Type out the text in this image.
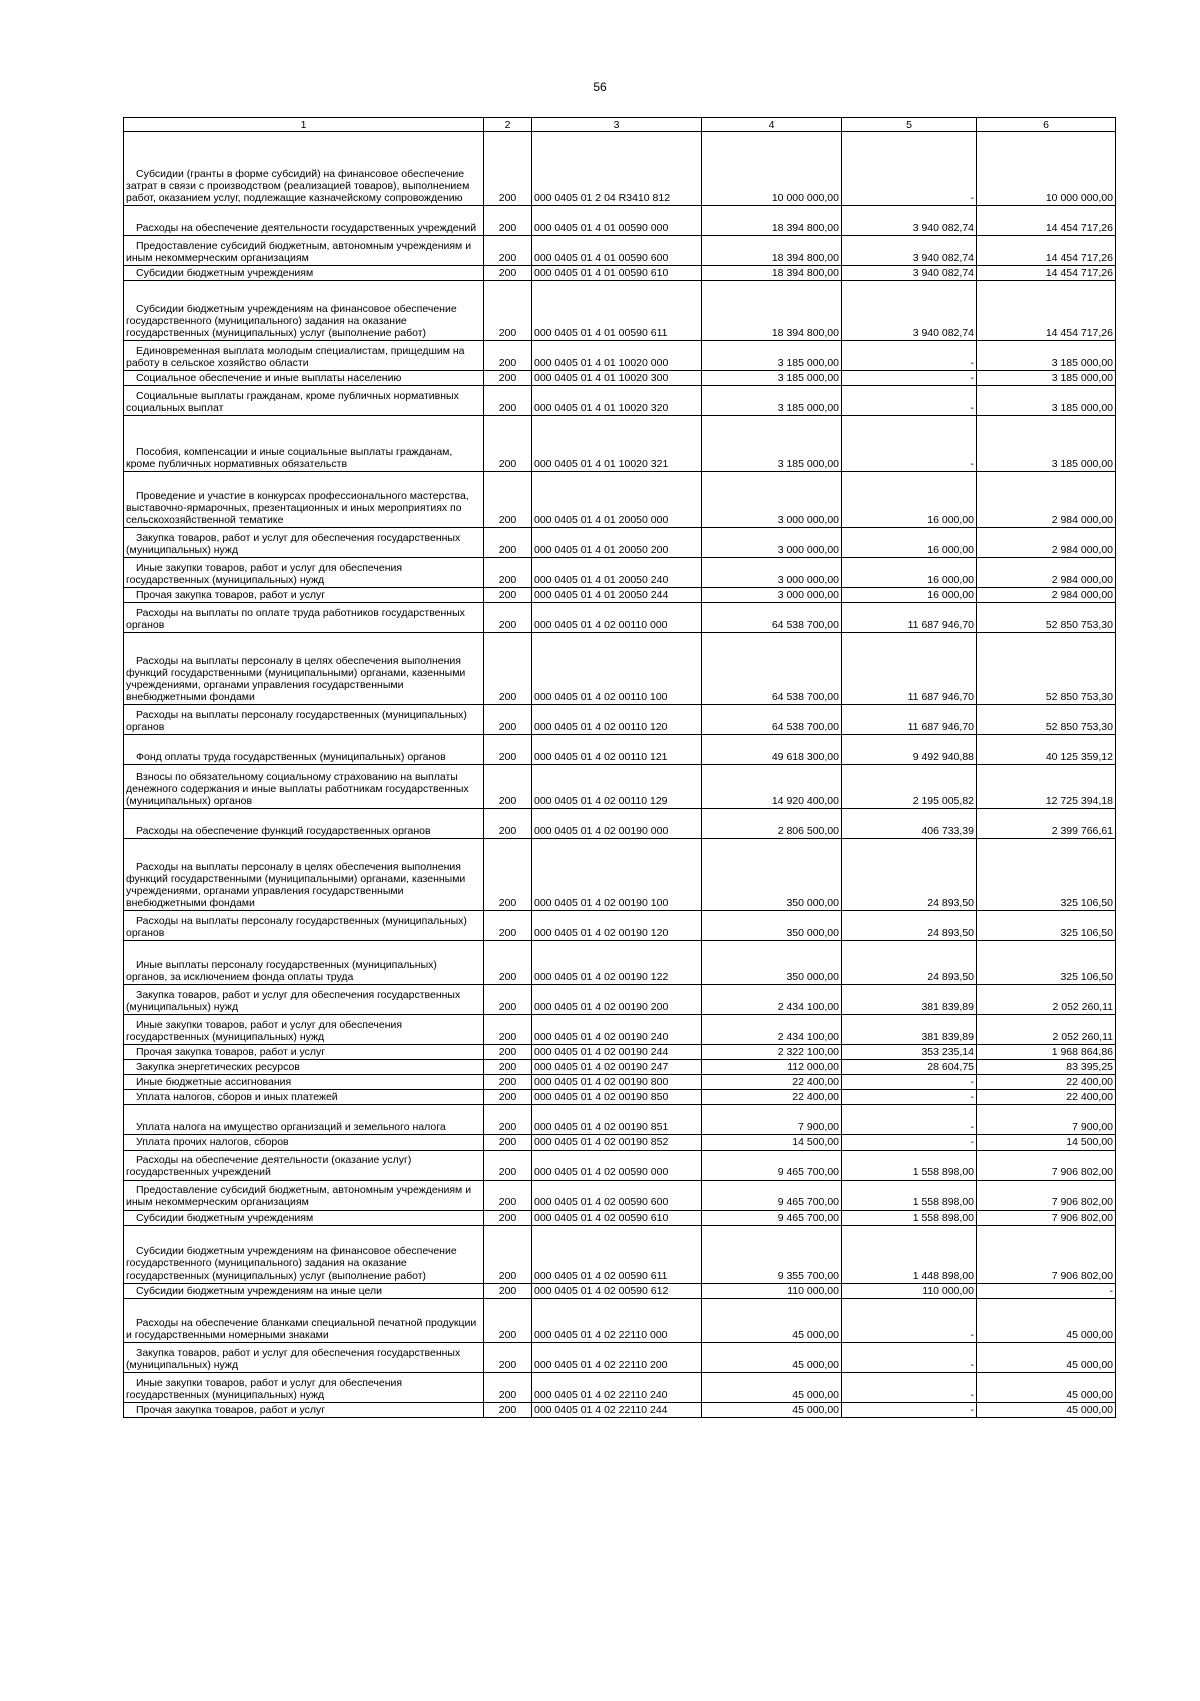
56
1	2	3	4	5	6
Субсидии (гранты в форме субсидий) на финансовое обеспечение затрат в связи с производством (реализацией товаров), выполнением работ, оказанием услуг, подлежащие казначейскому сопровождению	200	000 0405 01 2 04 R3410 812	10 000 000,00	-	10 000 000,00
Расходы на обеспечение деятельности государственных учреждений	200	000 0405 01 4 01 00590 000	18 394 800,00	3 940 082,74	14 454 717,26
Предоставление субсидий бюджетным, автономным учреждениям и иным некоммерческим организациям	200	000 0405 01 4 01 00590 600	18 394 800,00	3 940 082,74	14 454 717,26
Субсидии бюджетным учреждениям	200	000 0405 01 4 01 00590 610	18 394 800,00	3 940 082,74	14 454 717,26
Субсидии бюджетным учреждениям на финансовое обеспечение государственного (муниципального) задания на оказание государственных (муниципальных) услуг (выполнение работ)	200	000 0405 01 4 01 00590 611	18 394 800,00	3 940 082,74	14 454 717,26
Единовременная выплата молодым специалистам, прищедшим на работу в сельское хозяйство области	200	000 0405 01 4 01 10020 000	3 185 000,00	-	3 185 000,00
Социальное обеспечение и иные выплаты населению	200	000 0405 01 4 01 10020 300	3 185 000,00	-	3 185 000,00
Социальные выплаты гражданам, кроме публичных нормативных социальных выплат	200	000 0405 01 4 01 10020 320	3 185 000,00	-	3 185 000,00
Пособия, компенсации и иные социальные выплаты гражданам, кроме публичных нормативных обязательств	200	000 0405 01 4 01 10020 321	3 185 000,00	-	3 185 000,00
Проведение и участие в конкурсах профессионального мастерства, выставочно-ярмарочных, презентационных и иных мероприятиях по сельскохозяйственной тематике	200	000 0405 01 4 01 20050 000	3 000 000,00	16 000,00	2 984 000,00
Закупка товаров, работ и услуг для обеспечения государственных (муниципальных) нужд	200	000 0405 01 4 01 20050 200	3 000 000,00	16 000,00	2 984 000,00
Иные закупки товаров, работ и услуг для обеспечения государственных (муниципальных) нужд	200	000 0405 01 4 01 20050 240	3 000 000,00	16 000,00	2 984 000,00
Прочая закупка товаров, работ и услуг	200	000 0405 01 4 01 20050 244	3 000 000,00	16 000,00	2 984 000,00
Расходы на выплаты по оплате труда работников государственных органов	200	000 0405 01 4 02 00110 000	64 538 700,00	11 687 946,70	52 850 753,30
Расходы на выплаты персоналу в целях обеспечения выполнения функций государственными (муниципальными) органами, казенными учреждениями, органами управления государственными внебюджетными фондами	200	000 0405 01 4 02 00110 100	64 538 700,00	11 687 946,70	52 850 753,30
Расходы на выплаты персоналу государственных (муниципальных) органов	200	000 0405 01 4 02 00110 120	64 538 700,00	11 687 946,70	52 850 753,30
Фонд оплаты труда государственных (муниципальных) органов	200	000 0405 01 4 02 00110 121	49 618 300,00	9 492 940,88	40 125 359,12
Взносы по обязательному социальному страхованию на выплаты денежного содержания и иные выплаты работникам государственных (муниципальных) органов	200	000 0405 01 4 02 00110 129	14 920 400,00	2 195 005,82	12 725 394,18
Расходы на обеспечение функций государственных органов	200	000 0405 01 4 02 00190 000	2 806 500,00	406 733,39	2 399 766,61
Расходы на выплаты персоналу в целях обеспечения выполнения функций государственными (муниципальными) органами, казенными учреждениями, органами управления государственными внебюджетными фондами	200	000 0405 01 4 02 00190 100	350 000,00	24 893,50	325 106,50
Расходы на выплаты персоналу государственных (муниципальных) органов	200	000 0405 01 4 02 00190 120	350 000,00	24 893,50	325 106,50
Иные выплаты персоналу государственных (муниципальных) органов, за исключением фонда оплаты труда	200	000 0405 01 4 02 00190 122	350 000,00	24 893,50	325 106,50
Закупка товаров, работ и услуг для обеспечения государственных (муниципальных) нужд	200	000 0405 01 4 02 00190 200	2 434 100,00	381 839,89	2 052 260,11
Иные закупки товаров, работ и услуг для обеспечения государственных (муниципальных) нужд	200	000 0405 01 4 02 00190 240	2 434 100,00	381 839,89	2 052 260,11
Прочая закупка товаров, работ и услуг	200	000 0405 01 4 02 00190 244	2 322 100,00	353 235,14	1 968 864,86
Закупка энергетических ресурсов	200	000 0405 01 4 02 00190 247	112 000,00	28 604,75	83 395,25
Иные бюджетные ассигнования	200	000 0405 01 4 02 00190 800	22 400,00	-	22 400,00
Уплата налогов, сборов и иных платежей	200	000 0405 01 4 02 00190 850	22 400,00	-	22 400,00
Уплата налога на имущество организаций и земельного налога	200	000 0405 01 4 02 00190 851	7 900,00	-	7 900,00
Уплата прочих налогов, сборов	200	000 0405 01 4 02 00190 852	14 500,00	-	14 500,00
Расходы на обеспечение деятельности (оказание услуг) государственных учреждений	200	000 0405 01 4 02 00590 000	9 465 700,00	1 558 898,00	7 906 802,00
Предоставление субсидий бюджетным, автономным учреждениям и иным некоммерческим организациям	200	000 0405 01 4 02 00590 600	9 465 700,00	1 558 898,00	7 906 802,00
Субсидии бюджетным учреждениям	200	000 0405 01 4 02 00590 610	9 465 700,00	1 558 898,00	7 906 802,00
Субсидии бюджетным учреждениям на финансовое обеспечение государственного (муниципального) задания на оказание государственных (муниципальных) услуг (выполнение работ)	200	000 0405 01 4 02 00590 611	9 355 700,00	1 448 898,00	7 906 802,00
Субсидии бюджетным учреждениям на иные цели	200	000 0405 01 4 02 00590 612	110 000,00	110 000,00	-
Расходы на обеспечение бланками специальной печатной продукции и государственными номерными знаками	200	000 0405 01 4 02 22110 000	45 000,00	-	45 000,00
Закупка товаров, работ и услуг для обеспечения государственных (муниципальных) нужд	200	000 0405 01 4 02 22110 200	45 000,00	-	45 000,00
Иные закупки товаров, работ и услуг для обеспечения государственных (муниципальных) нужд	200	000 0405 01 4 02 22110 240	45 000,00	-	45 000,00
Прочая закупка товаров, работ и услуг	200	000 0405 01 4 02 22110 244	45 000,00	-	45 000,00
